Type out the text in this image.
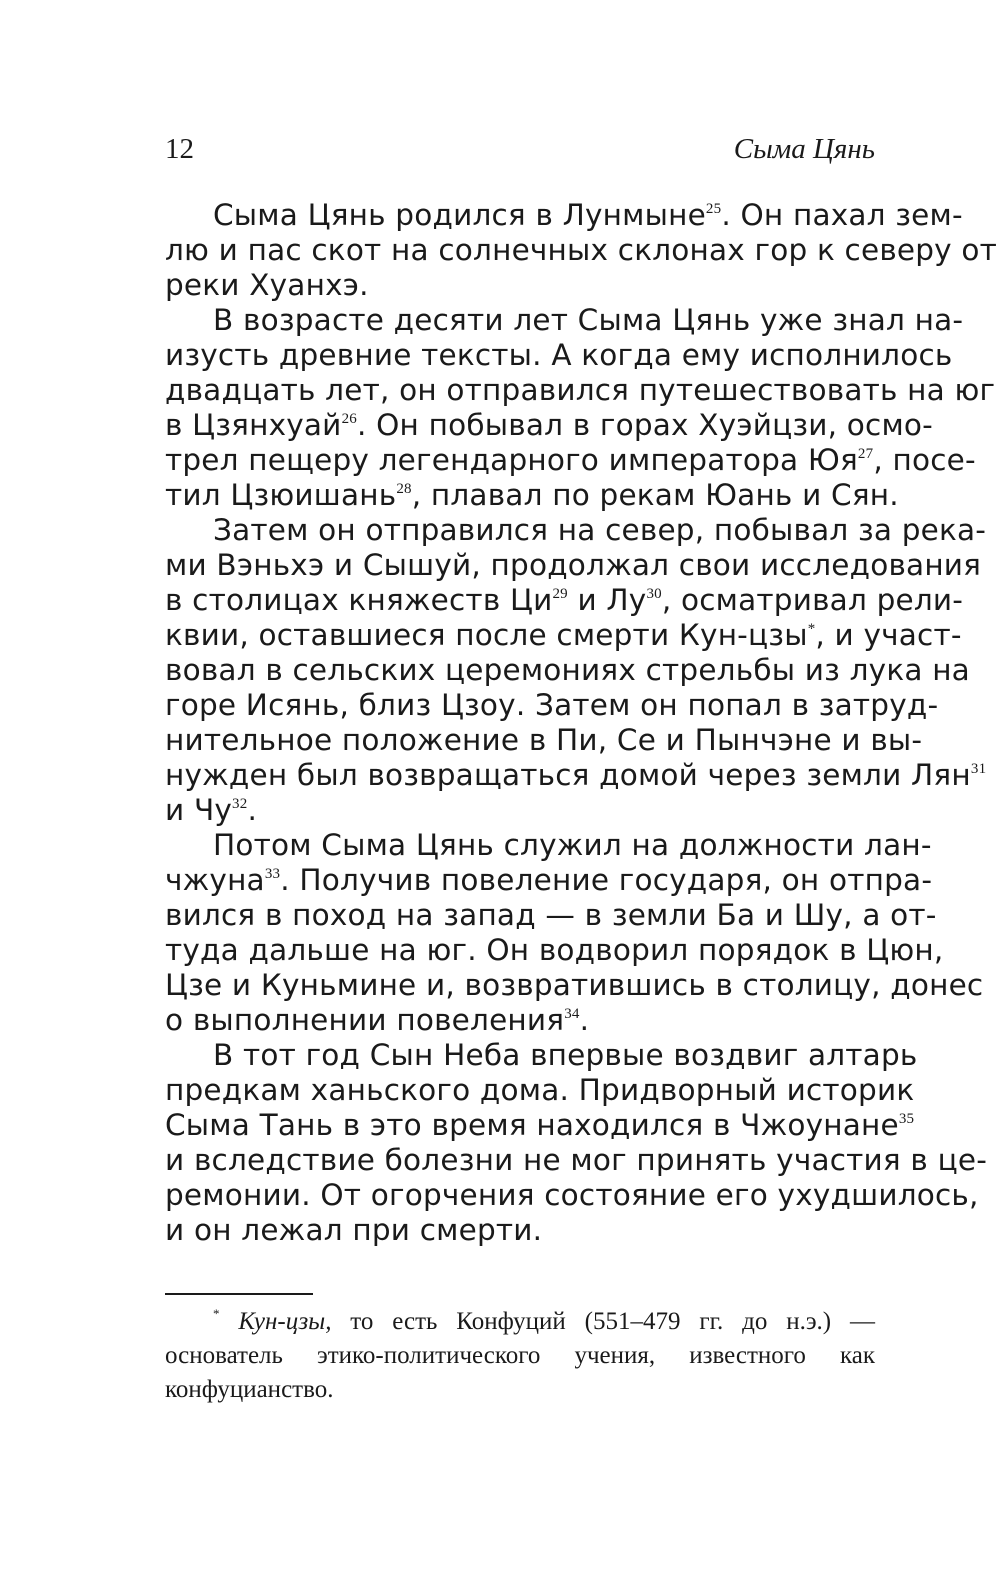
12	Сыма Цянь
Сыма Цянь родился в Лунмыне$^{25}$. Он пахал зем-
лю и пас скот на солнечных склонах гор к северу от
реки Хуанхэ.
В возрасте десяти лет Сыма Цянь уже знал на-
изусть древние тексты. А когда ему исполнилось
двадцать лет, он отправился путешествовать на юг
в Цзянхуай$^{26}$. Он побывал в горах Хуэйцзи, осмо-
трел пещеру легендарного императора Юя$^{27}$, посе-
тил Цзюишань$^{28}$, плавал по рекам Юань и Сян.
Затем он отправился на север, побывал за река-
ми Вэньхэ и Сышуй, продолжал свои исследования
в столицах княжеств Ци$^{29}$ и Лу$^{30}$, осматривал рели-
квии, оставшиеся после смерти Кун-цзы*, и участ-
вовал в сельских церемониях стрельбы из лука на
горе Исянь, близ Цзоу. Затем он попал в затруд-
нительное положение в Пи, Се и Пынчэне и вы-
нужден был возвращаться домой через земли Лян$^{31}$
и Чу$^{32}$.
Потом Сыма Цянь служил на должности лан-
чжуна$^{33}$. Получив повеление государя, он отпра-
вился в поход на запад — в земли Ба и Шу, а от-
туда дальше на юг. Он водворил порядок в Цюн,
Цзе и Куньмине и, возвратившись в столицу, донес
о выполнении повеления$^{34}$.
В тот год Сын Неба впервые воздвиг алтарь
предкам ханьского дома. Придворный историк
Сыма Тань в это время находился в Чжоунане$^{35}$
и вследствие болезни не мог принять участия в це-
ремонии. От огорчения состояние его ухудшилось,
и он лежал при смерти.
* Кун-цзы, то есть Конфуций (551–479 гг. до н.э.) —
основатель этико-политического учения, известного как
конфуцианство.
